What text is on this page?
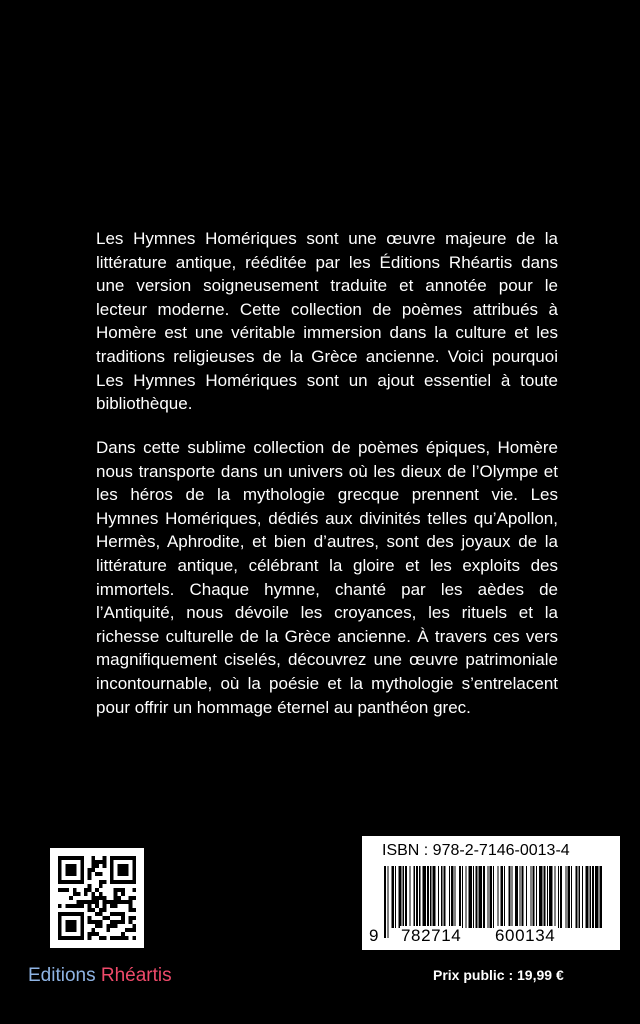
Les Hymnes Homériques sont une œuvre majeure de la littérature antique, rééditée par les Éditions Rhéartis dans une version soigneusement traduite et annotée pour le lecteur moderne. Cette collection de poèmes attribués à Homère est une véritable immersion dans la culture et les traditions religieuses de la Grèce ancienne. Voici pourquoi Les Hymnes Homériques sont un ajout essentiel à toute bibliothèque.
Dans cette sublime collection de poèmes épiques, Homère nous transporte dans un univers où les dieux de l’Olympe et les héros de la mythologie grecque prennent vie. Les Hymnes Homériques, dédiés aux divinités telles qu’Apollon, Hermès, Aphrodite, et bien d’autres, sont des joyaux de la littérature antique, célébrant la gloire et les exploits des immortels. Chaque hymne, chanté par les aèdes de l’Antiquité, nous dévoile les croyances, les rituels et la richesse culturelle de la Grèce ancienne. À travers ces vers magnifiquement ciselés, découvrez une œuvre patrimoniale incontournable, où la poésie et la mythologie s’entrelacent pour offrir un hommage éternel au panthéon grec.
Editions Rhéartis
ISBN : 978-2-7146-0013-4
9 782714 600134
Prix public : 19,99 €
